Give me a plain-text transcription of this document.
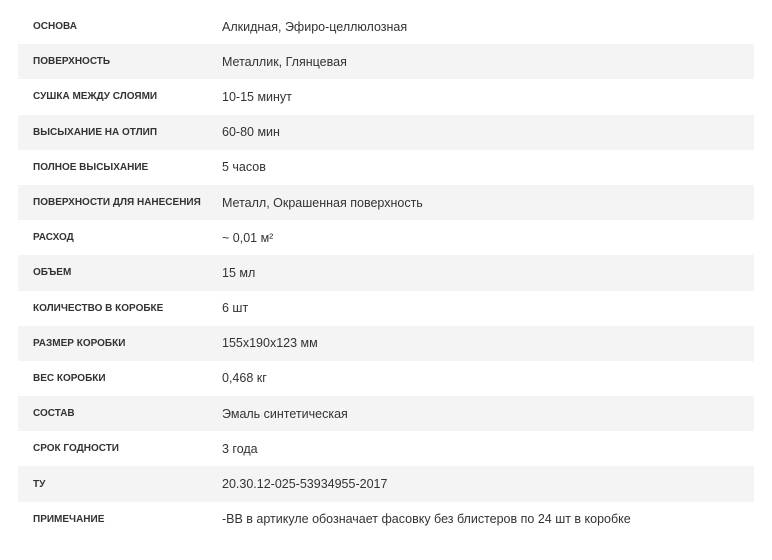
ОСНОВА	Алкидная, Эфиро-целлюлозная
ПОВЕРХНОСТЬ	Металлик, Глянцевая
СУШКА МЕЖДУ СЛОЯМИ	10-15 минут
ВЫСЫХАНИЕ НА ОТЛИП	60-80 мин
ПОЛНОЕ ВЫСЫХАНИЕ	5 часов
ПОВЕРХНОСТИ ДЛЯ НАНЕСЕНИЯ	Металл, Окрашенная поверхность
РАСХОД	~ 0,01 м²
ОБЪЕМ	15 мл
КОЛИЧЕСТВО В КОРОБКЕ	6 шт
РАЗМЕР КОРОБКИ	155х190х123 мм
ВЕС КОРОБКИ	0,468 кг
СОСТАВ	Эмаль синтетическая
СРОК ГОДНОСТИ	3 года
ТУ	20.30.12-025-53934955-2017
ПРИМЕЧАНИЕ	-BB в артикуле обозначает фасовку без блистеров по 24 шт в коробке
